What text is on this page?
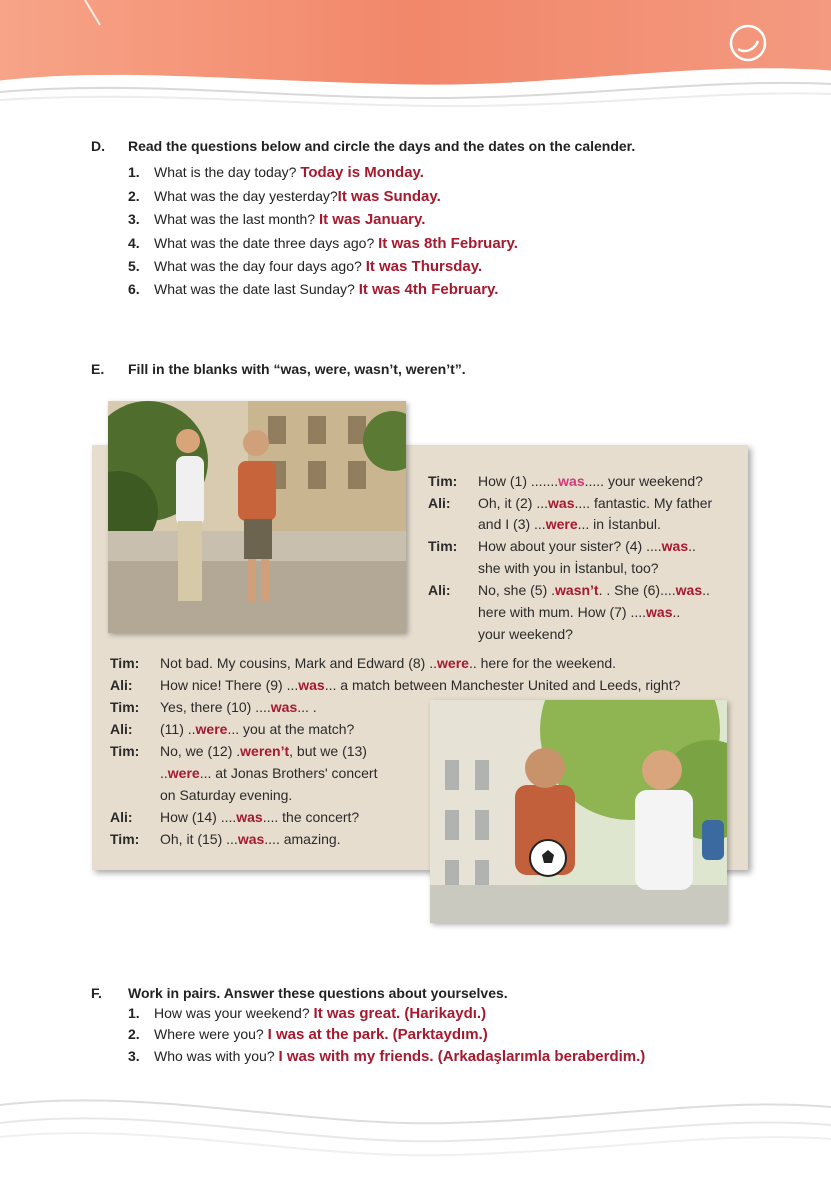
D. Read the questions below and circle the days and the dates on the calender.
1. What is the day today? Today is Monday.
2. What was the day yesterday?It was Sunday.
3. What was the last month? It was January.
4. What was the date three days ago? It was 8th February.
5. What was the day four days ago? It was Thursday.
6. What was the date last Sunday? It was 4th February.
E. Fill in the blanks with “was, were, wasn’t, weren’t”.
Tim: How (1) .......was..... your weekend?
Ali: Oh, it (2) ...was.... fantastic. My father
and I (3) ...were... in İstanbul.
Tim: How about your sister? (4) ....was..
she with you in İstanbul, too?
Ali: No, she (5) .wasn’t. . She (6)....was..
here with mum. How (7) ....was..
your weekend?
Tim: Not bad. My cousins, Mark and Edward (8) ..were.. here for the weekend.
Ali: How nice! There (9) ...was... a match between Manchester United and Leeds, right?
Tim: Yes, there (10) ....was... .
Ali: (11) ..were... you at the match?
Tim: No, we (12) .weren’t, but we (13)
..were... at Jonas Brothers' concert
on Saturday evening.
Ali: How (14) ....was.... the concert?
Tim: Oh, it (15) ...was.... amazing.
F. Work in pairs. Answer these questions about yourselves.
1. How was your weekend? It was great. (Harikaydı.)
2. Where were you? I was at the park. (Parktaydım.)
3. Who was with you? I was with my friends. (Arkadaşlarımla beraberdim.)
